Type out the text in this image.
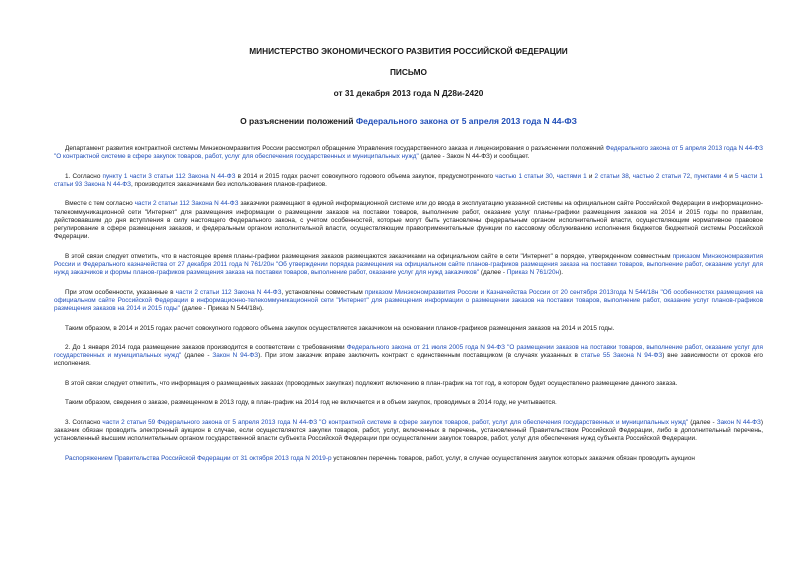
МИНИСТЕРСТВО ЭКОНОМИЧЕСКОГО РАЗВИТИЯ РОССИЙСКОЙ ФЕДЕРАЦИИ
ПИСЬМО
от 31 декабря 2013 года N Д28и-2420
О разъяснении положений Федерального закона от 5 апреля 2013 года N 44-ФЗ

Департамент развития контрактной системы Минэкономразвития России рассмотрел обращение Управления государственного заказа и лицензирования о разъяснении положений Федерального закона от 5 апреля 2013 года N 44-ФЗ "О контрактной системе в сфере закупок товаров, работ, услуг для обеспечения государственных и муниципальных нужд" (далее - Закон N 44-ФЗ) и сообщает.

1. Согласно пункту 1 части 3 статьи 112 Закона N 44-ФЗ в 2014 и 2015 годах расчет совокупного годового объема закупок, предусмотренного частью 1 статьи 30, частями 1 и 2 статьи 38, частью 2 статьи 72, пунктами 4 и 5 части 1 статьи 93 Закона N 44-ФЗ, производится заказчиками без использования планов-графиков.

Вместе с тем согласно части 2 статьи 112 Закона N 44-ФЗ заказчики размещают в единой информационной системе или до ввода в эксплуатацию указанной системы на официальном сайте Российской Федерации в информационно-телекоммуникационной сети "Интернет" для размещения информации о размещении заказов на поставки товаров, выполнение работ, оказание услуг планы-графики размещения заказов на 2014 и 2015 годы по правилам, действовавшим до дня вступления в силу настоящего Федерального закона, с учетом особенностей, которые могут быть установлены федеральным органом исполнительной власти, осуществляющим нормативное правовое регулирование в сфере размещения заказов, и федеральным органом исполнительной власти, осуществляющим правоприменительные функции по кассовому обслуживанию исполнения бюджетов бюджетной системы Российской Федерации.

В этой связи следует отметить, что в настоящее время планы-графики размещения заказов размещаются заказчиками на официальном сайте в сети "Интернет" в порядке, утвержденном совместным приказом Минэкономразвития России и Федерального казначейства от 27 декабря 2011 года N 761/20н "Об утверждении порядка размещения на официальном сайте планов-графиков размещения заказа на поставки товаров, выполнение работ, оказание услуг для нужд заказчиков и формы планов-графиков размещения заказа на поставки товаров, выполнение работ, оказание услуг для нужд заказчиков" (далее - Приказ N 761/20н).

При этом особенности, указанные в части 2 статьи 112 Закона N 44-ФЗ, установлены совместным приказом Минэкономразвития России и Казначейства России от 20 сентября 2013года N 544/18н "Об особенностях размещения на официальном сайте Российской Федерации в информационно-телекоммуникационной сети "Интернет" для размещения информации о размещении заказов на поставки товаров, выполнение работ, оказание услуг планов-графиков размещения заказов на 2014 и 2015 годы" (далее - Приказ N 544/18н).

Таким образом, в 2014 и 2015 годах расчет совокупного годового объема закупок осуществляется заказчиком на основании планов-графиков размещения заказов на 2014 и 2015 годы.

2. До 1 января 2014 года размещение заказов производится в соответствии с требованиями Федерального закона от 21 июля 2005 года N 94-ФЗ "О размещении заказов на поставки товаров, выполнение работ, оказание услуг для государственных и муниципальных нужд" (далее - Закон N 94-ФЗ). При этом заказчик вправе заключить контракт с единственным поставщиком (в случаях указанных в статье 55 Закона N 94-ФЗ) вне зависимости от сроков его исполнения.

В этой связи следует отметить, что информация о размещаемых заказах (проводимых закупках) подлежит включению в план-график на тот год, в котором будет осуществлено размещение данного заказа.

Таким образом, сведения о заказе, размещенном в 2013 году, в план-график на 2014 год не включается и в объем закупок, проводимых в 2014 году, не учитывается.

3. Согласно части 2 статьи 59 Федерального закона от 5 апреля 2013 года N 44-ФЗ "О контрактной системе в сфере закупок товаров, работ, услуг для обеспечения государственных и муниципальных нужд" (далее - Закон N 44-ФЗ) заказчик обязан проводить электронный аукцион в случае, если осуществляются закупки товаров, работ, услуг, включенных в перечень, установленный Правительством Российской Федерации, либо в дополнительный перечень, установленный высшим исполнительным органом государственной власти субъекта Российской Федерации при осуществлении закупок товаров, работ, услуг для обеспечения нужд субъекта Российской Федерации.

Распоряжением Правительства Российской Федерации от 31 октября 2013 года N 2019-р установлен перечень товаров, работ, услуг, в случае осуществления закупок которых заказчик обязан проводить аукцион
